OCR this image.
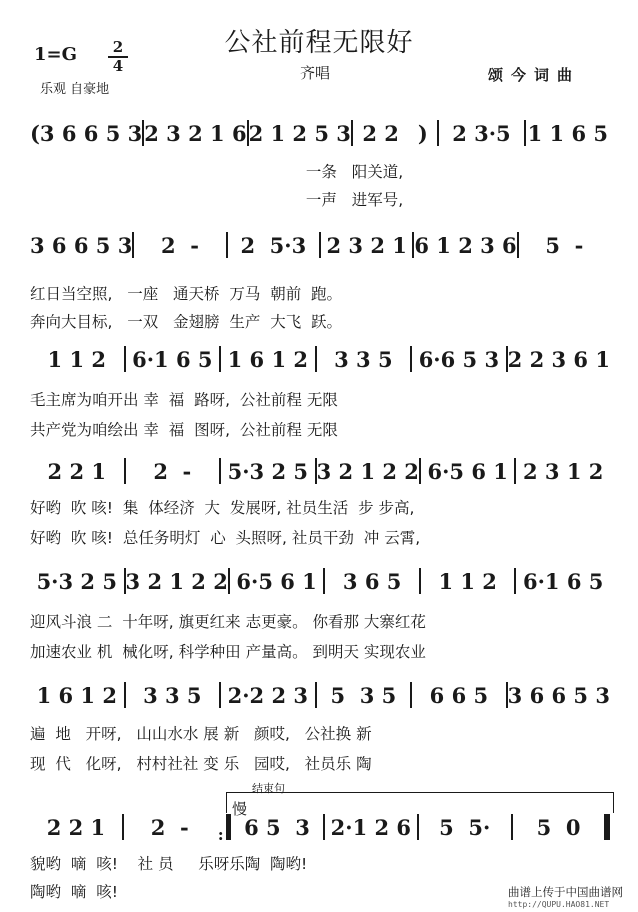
公社前程无限好
1=G	2
4
乐观 自豪地
齐唱	颂今词曲
(3 6 6 5 3 2 3 2 1 6 2 1 2 5 3 2 2 ) 2 3·5 1 1 6 5
一条   阳关道,
一声   进军号,
3 6 6 5 3 2  - 2  5·3 2 3 2 1 6 1 2 3 6 5  -
红日当空照,   一座   通天桥  万马  朝前  跑。
奔向大目标,   一双   金翅膀  生产  大飞  跃。
1 1 2 6·1 6 5 1 6 1 2 3 3 5 6·6 5 3 2 2 3 6 1
毛主席为咱开出 幸  福  路呀,  公社前程 无限
共产党为咱绘出 幸  福  图呀,  公社前程 无限
2 2 1 2  - 5·3 2 5 3 2 1 2 2 6·5 6 1 2 3 1 2
好哟  吹 咳!  集  体经济  大  发展呀, 社员生活  步 步高,
好哟  吹 咳!  总任务明灯  心  头照呀, 社员干劲  冲 云霄,
5·3 2 5 3 2 1 2 2 6·5 6 1 3 6 5 1 1 2 6·1 6 5
迎风斗浪 二  十年呀, 旗更红来 志更豪。 你看那 大寨红花
加速农业 机  械化呀, 科学种田 产量高。 到明天 实现农业
1 6 1 2 3 3 5 2·2 2 3 5  3 5 6 6 5 3 6 6 5 3
遍  地   开呀,   山山水水 展 新   颜哎,   公社换 新
现  代   化呀,   村村社社 变 乐   园哎,   社员乐 陶
结束句
慢
2 2 1 2  - : 6 5  3 2·1 2 6 5  5· 5  0
貌哟  嘀  咳!    社 员     乐呀乐陶  陶哟!
陶哟  嘀  咳!	曲谱上传于中国曲谱网
http://QUPU.HAO81.NET
